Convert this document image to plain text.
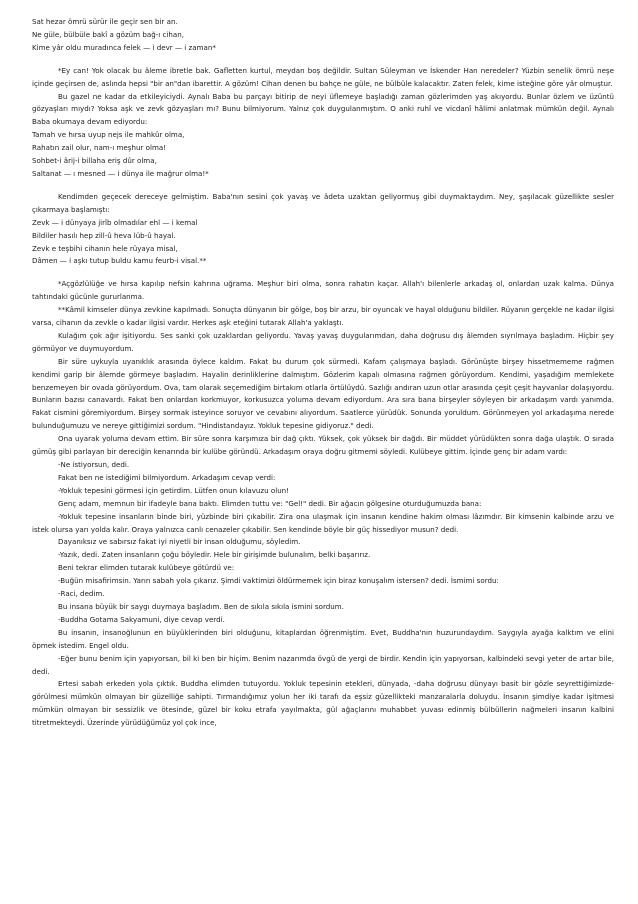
Sat hezar ömrü sürür ile geçir sen bir an.
Ne güle, bülbüle bakî a gözüm bağ-ı cihan,
Kime yâr oldu muradınca felek — i devr — i zaman*
*Ey can! Yok olacak bu âleme ibretle bak. Gafletten kurtul, meydan boş değildir. Sultan Süleyman ve İskender Han neredeler? Yüzbin senelik ömrü neşe içinde geçirsen de, aslında hepsi "bir an"dan ibarettir. A gözüm! Cihan denen bu bahçe ne güle, ne bülbüle kalacaktır. Zaten felek, kime isteğine göre yâr olmuştur.
Bu gazel ne kadar da etkileyiciydi. Aynalı Baba bu parçayı bitirip de neyi üflemeye başladığı zaman gözlerimden yaş akıyordu. Bunlar özlem ve üzüntü gözyaşları mıydı? Yoksa aşk ve zevk gözyaşları mı? Bunu bilmiyorum. Yalnız çok duygulanmıştım. O anki ruhî ve vicdanî hâlimi anlatmak mümkün değil. Aynalı Baba okumaya devam ediyordu:
Tamah ve hırsa uyup nejs ile mahkûr olma,
Rahatın zail olur, nam-ı meşhur olma!
Sohbet-i ârij-i billaha eriş dûr olma,
Saltanat — ı mesned — i dünya ile mağrur olma!*
Kendimden geçecek dereceye gelmiştim. Baba'nın sesini çok yavaş ve âdeta uzaktan geliyormuş gibi duymaktaydım. Ney, şaşılacak güzellikte sesler çıkarmaya başlamıştı:
Zevk — i dünyaya jirîb olmadılar ehl — i kemal
Bildiler hasılı hep zill-û heva lüb-û hayal.
Zevk e teşbihi cihanın hele rüyaya misal,
Dâmen — i aşkı tutup buldu kamu feurb-i visal.**
*Açgözlülüğe ve hırsa kapılıp nefsin kahrına uğrama. Meşhur biri olma, sonra rahatın kaçar. Allah'ı bilenlerle arkadaş ol, onlardan uzak kalma. Dünya tahtındaki gücünle gururlanma.
**Kâmil kimseler dünya zevkine kapılmadı. Sonuçta dünyanın bir gölge, boş bir arzu, bir oyuncak ve hayal olduğunu bildiler. Rüyanın gerçekle ne kadar ilgisi varsa, cihanın da zevkle o kadar ilgisi vardır. Herkes aşk eteğini tutarak Allah'a yaklaştı.
Kulağım çok ağır işitiyordu. Ses sanki çok uzaklardan geliyordu. Yavaş yavaş duygularımdan, daha doğrusu dış âlemden sıyrılmaya başladım. Hiçbir şey görmüyor ve duymuyordum.
Bir süre uykuyla uyanıklık arasında öylece kaldım. Fakat bu durum çok sürmedi. Kafam çalışmaya başladı. Görünüşte birşey hissetmememe rağmen kendimi garip bir âlemde görmeye başladım. Hayalin derinliklerine dalmıştım. Gözlerim kapalı olmasına rağmen görüyordum. Kendimi, yaşadığım memlekete benzemeyen bir ovada görüyordum. Ova, tam olarak seçemediğim birtakım otlarla örtülüydü. Sazlığı andıran uzun otlar arasında çeşit çeşit hayvanlar dolaşıyordu. Bunların bazısı canavardı. Fakat ben onlardan korkmuyor, korkusuzca yoluma devam ediyordum. Ara sıra bana birşeyler söyleyen bir arkadaşım vardı yanımda. Fakat cismini göremiyordum. Birşey sormak isteyince soruyor ve cevabını alıyordum. Saatlerce yürüdük. Sonunda yoruldum. Görünmeyen yol arkadaşıma nerede bulunduğumuzu ve nereye gittiğimizi sordum. "Hindistandayız. Yokluk tepesine gidiyoruz." dedi.
Ona uyarak yoluma devam ettim. Bir süre sonra karşımıza bir dağ çıktı. Yüksek, çok yüksek bir dağdı. Bir müddet yürüdükten sonra dağa ulaştık. O sırada gümüş gibi parlayan bir dereciğin kenarında bir kulübe göründü. Arkadaşım oraya doğru gitmemi söyledi. Kulübeye gittim. İçinde genç bir adam vardı:
-Ne istiyorsun, dedi.
Fakat ben ne istediğimi bilmiyordum. Arkadaşım cevap verdi:
-Yokluk tepesini görmesi için getirdim. Lütfen onun kılavuzu olun!
Genç adam, memnun bir ifadeyle bana baktı. Elimden tuttu ve: "Gel!" dedi. Bir ağacın gölgesine oturduğumuzda bana:
-Yokluk tepesine insanların binde biri, yüzbinde biri çıkabilir. Zira ona ulaşmak için insanın kendine hakim olması lâzımdır. Bir kimsenin kalbinde arzu ve istek olursa yarı yolda kalır. Oraya yalnızca canlı cenazeler çıkabilir. Sen kendinde böyle bir güç hissediyor musun? dedi.
Dayanıksız ve sabırsız fakat iyi niyetli bir insan olduğumu, söyledim.
-Yazık, dedi. Zaten insanların çoğu böyledir. Hele bir girişimde bulunalım, belki başarırız.
Beni tekrar elimden tutarak kulübeye götürdü ve:
-Buğün misafirimsin. Yarın sabah yola çıkarız. Şimdi vaktimizi öldürmemek için biraz konuşalım istersen? dedi. İsmimi sordu:
-Raci, dedim.
Bu insana büyük bir saygı duymaya başladım. Ben de sıkıla sıkıla ismini sordum.
-Buddha Gotama Sakyamuni, diye cevap verdi.
Bu insanın, insanoğlunun en büyüklerinden biri olduğunu, kitaplardan öğrenmiştim. Evet, Buddha'nın huzurundaydım. Saygıyla ayağa kalktım ve elini öpmek istedim. Engel oldu.
-Eğer bunu benim için yapıyorsan, bil ki ben bir hiçim. Benim nazarımda övgü de yergi de birdir. Kendin için yapıyorsan, kalbindeki sevgi yeter de artar bile, dedi.
Ertesi sabah erkeden yola çıktık. Buddha elimden tutuyordu. Yokluk tepesinin etekleri, dünyada, -daha doğrusu dünyayı basit bir gözle seyrettiğimizde-görülmesi mümkün olmayan bir güzelliğe sahipti. Tırmandığımız yolun her iki tarafı da eşsiz güzellikteki manzaralarla doluydu. İnsanın şimdiye kadar işitmesi mümkün olmayan bir sessizlik ve ötesinde, güzel bir koku etrafa yayılmakta, gül ağaçlarını muhabbet yuvası edinmiş bülbüllerin nağmeleri insanın kalbini titretmekteydi. Üzerinde yürüdüğümüz yol çok ince,
